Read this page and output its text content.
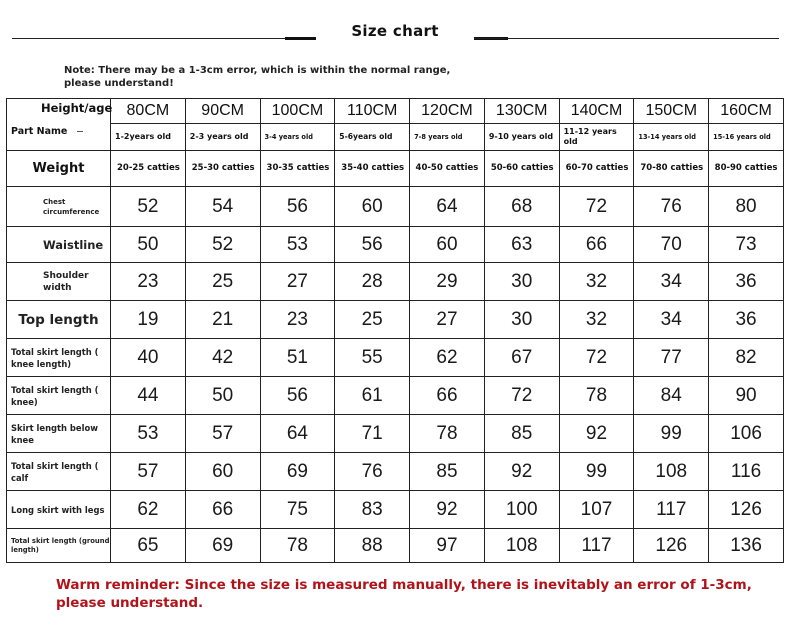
Size chart
Note: There may be a 1-3cm error, which is within the normal range, please understand!
Height/age
Part Name	80CM	90CM	100CM	110CM	120CM	130CM	140CM	150CM	160CM
	1-2years old	2-3 years old	3-4 years old	5-6years old	7-8 years old	9-10 years old	11-12 years old	13-14 years old	15-16 years old
Weight	20-25 catties	25-30 catties	30-35 catties	35-40 catties	40-50 catties	50-60 catties	60-70 catties	70-80 catties	80-90 catties
Chest circumference	52	54	56	60	64	68	72	76	80
Waistline	50	52	53	56	60	63	66	70	73
Shoulder width	23	25	27	28	29	30	32	34	36
Top length	19	21	23	25	27	30	32	34	36
Total skirt length ( knee length)	40	42	51	55	62	67	72	77	82
Total skirt length ( knee)	44	50	56	61	66	72	78	84	90
Skirt length below knee	53	57	64	71	78	85	92	99	106
Total skirt length ( calf	57	60	69	76	85	92	99	108	116
Long skirt with legs	62	66	75	83	92	100	107	117	126
Total skirt length (ground length)	65	69	78	88	97	108	117	126	136
Warm reminder: Since the size is measured manually, there is inevitably an error of 1-3cm, please understand.
